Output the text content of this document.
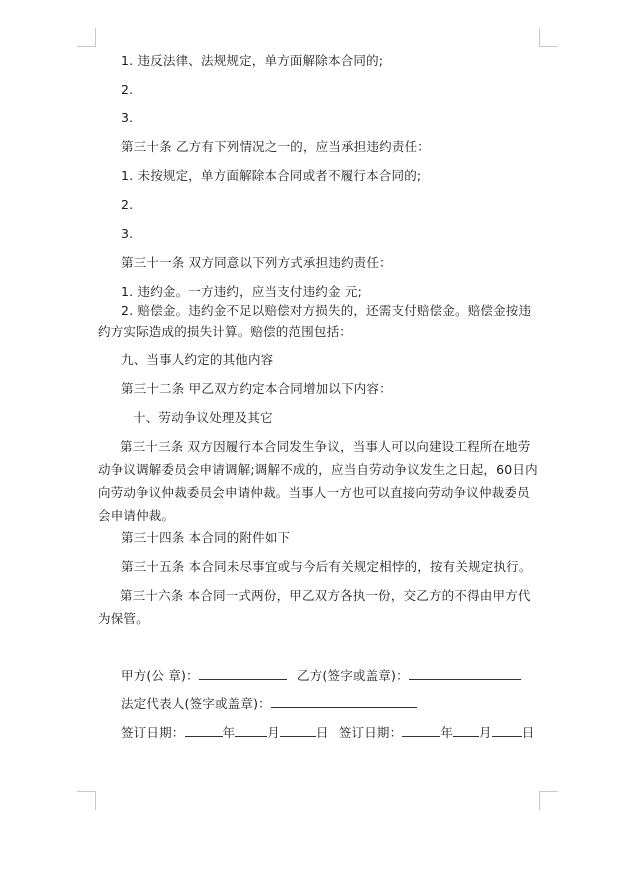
1. 违反法律、法规规定，单方面解除本合同的;
2.
3.
第三十条 乙方有下列情况之一的，应当承担违约责任：
1. 未按规定，单方面解除本合同或者不履行本合同的;
2.
3.
第三十一条 双方同意以下列方式承担违约责任：
1. 违约金。一方违约，应当支付违约金 元;
2. 赔偿金。违约金不足以赔偿对方损失的，还需支付赔偿金。赔偿金按违
约方实际造成的损失计算。赔偿的范围包括：
九、当事人约定的其他内容
第三十二条 甲乙双方约定本合同增加以下内容：
十、劳动争议处理及其它
第三十三条 双方因履行本合同发生争议，当事人可以向建设工程所在地劳动争议调解委员会申请调解;调解不成的，应当自劳动争议发生之日起，60日内向劳动争议仲裁委员会申请仲裁。当事人一方也可以直接向劳动争议仲裁委员会申请仲裁。
第三十四条 本合同的附件如下
第三十五条 本合同未尽事宜或与今后有关规定相悖的，按有关规定执行。
第三十六条 本合同一式两份，甲乙双方各执一份，交乙方的不得由甲方代为保管。
甲方(公 章)：	乙方(签字或盖章)：
法定代表人(签字或盖章)：
签订日期：	年	月	日 签订日期：	年 月 日
